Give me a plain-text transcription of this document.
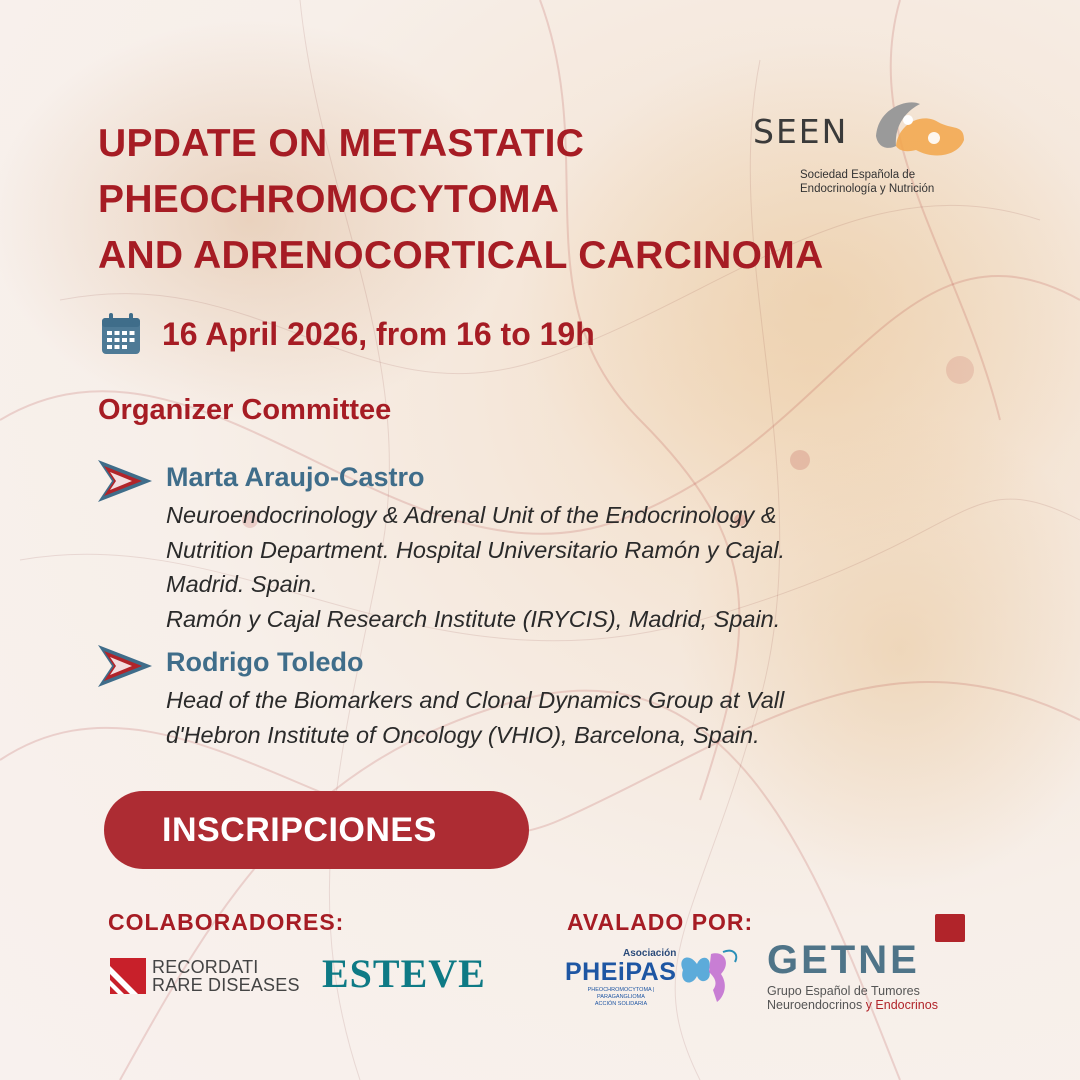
UPDATE ON METASTATIC
PHEOCHROMOCYTOMA
AND ADRENOCORTICAL CARCINOMA
SEEN
Sociedad Española de
Endocrinología y Nutrición
16 April 2026, from 16 to 19h
Organizer Committee
Marta Araujo-Castro
Neuroendocrinology & Adrenal Unit of the Endocrinology &
Nutrition Department. Hospital Universitario Ramón y Cajal.
Madrid. Spain.
Ramón y Cajal Research Institute (IRYCIS), Madrid, Spain.
Rodrigo Toledo
Head of the Biomarkers and Clonal Dynamics Group at Vall
d'Hebron Institute of Oncology (VHIO), Barcelona, Spain.
INSCRIPCIONES
COLABORADORES:
RECORDATI
RARE DISEASES ESTEVE
AVALADO POR:
Asociación
PHEiPAS
PHEOCHROMOCYTOMA | PARAGANGLIOMA
ACCIÓN SOLIDARIA
GETNE
Grupo Español de Tumores
Neuroendocrinos y Endocrinos
